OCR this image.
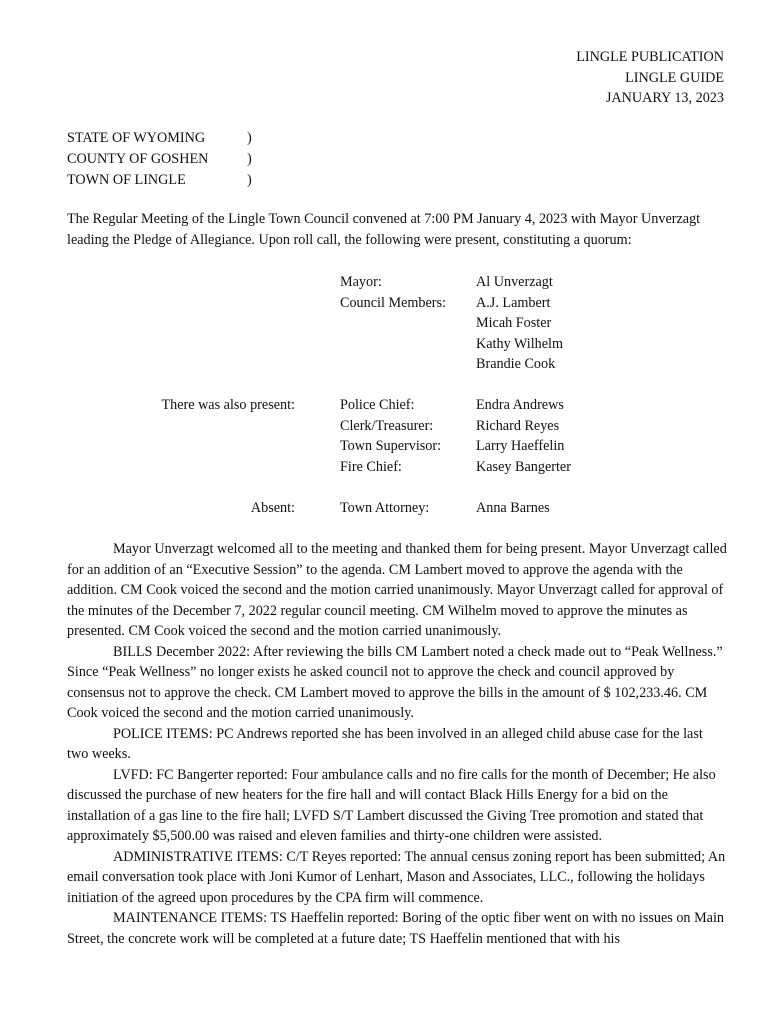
LINGLE PUBLICATION
LINGLE GUIDE
JANUARY 13, 2023
STATE OF WYOMING	)
COUNTY OF GOSHEN	)
TOWN OF LINGLE	)
The Regular Meeting of the Lingle Town Council convened at 7:00 PM January 4, 2023 with Mayor Unverzagt leading the Pledge of Allegiance. Upon roll call, the following were present, constituting a quorum:
Mayor:	Al Unverzagt
Council Members: A.J. Lambert
Micah Foster
Kathy Wilhelm
Brandie Cook
There was also present:	Police Chief:	Endra Andrews
Clerk/Treasurer:	Richard Reyes
Town Supervisor: Larry Haeffelin
Fire Chief:	Kasey Bangerter
Absent:	Town Attorney:	Anna Barnes

Mayor Unverzagt welcomed all to the meeting and thanked them for being present. Mayor Unverzagt called for an addition of an “Executive Session” to the agenda. CM Lambert moved to approve the agenda with the addition. CM Cook voiced the second and the motion carried unanimously. Mayor Unverzagt called for approval of the minutes of the December 7, 2022 regular council meeting. CM Wilhelm moved to approve the minutes as presented. CM Cook voiced the second and the motion carried unanimously.

BILLS December 2022: After reviewing the bills CM Lambert noted a check made out to “Peak Wellness.” Since “Peak Wellness” no longer exists he asked council not to approve the check and council approved by consensus not to approve the check. CM Lambert moved to approve the bills in the amount of $ 102,233.46. CM Cook voiced the second and the motion carried unanimously.

POLICE ITEMS: PC Andrews reported she has been involved in an alleged child abuse case for the last two weeks.

LVFD: FC Bangerter reported: Four ambulance calls and no fire calls for the month of December; He also discussed the purchase of new heaters for the fire hall and will contact Black Hills Energy for a bid on the installation of a gas line to the fire hall; LVFD S/T Lambert discussed the Giving Tree promotion and stated that approximately $5,500.00 was raised and eleven families and thirty-one children were assisted.

ADMINISTRATIVE ITEMS: C/T Reyes reported: The annual census zoning report has been submitted; An email conversation took place with Joni Kumor of Lenhart, Mason and Associates, LLC., following the holidays initiation of the agreed upon procedures by the CPA firm will commence.

MAINTENANCE ITEMS: TS Haeffelin reported: Boring of the optic fiber went on with no issues on Main Street, the concrete work will be completed at a future date; TS Haeffelin mentioned that with his
